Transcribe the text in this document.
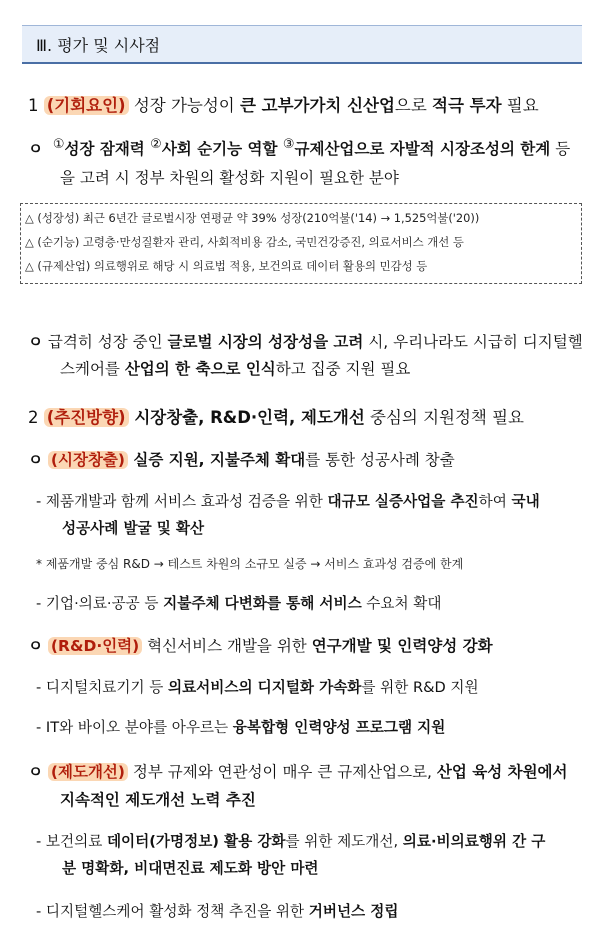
Ⅲ. 평가 및 시사점
1 (기회요인) 성장 가능성이 큰 고부가가치 신산업으로 적극 투자 필요
ㅇ ①성장 잠재력 ②사회 순기능 역할 ③규제산업으로 자발적 시장조성의 한계 등
을 고려 시 정부 차원의 활성화 지원이 필요한 분야
△ (성장성) 최근 6년간 글로벌시장 연평균 약 39% 성장(210억불('14) → 1,525억불('20))
△ (순기능) 고령층·만성질환자 관리, 사회적비용 감소, 국민건강증진, 의료서비스 개선 등
△ (규제산업) 의료행위로 해당 시 의료법 적용, 보건의료 데이터 활용의 민감성 등
ㅇ 급격히 성장 중인 글로벌 시장의 성장성을 고려 시, 우리나라도 시급히 디지털헬
스케어를 산업의 한 축으로 인식하고 집중 지원 필요
2 (추진방향) 시장창출, R&D·인력, 제도개선 중심의 지원정책 필요
ㅇ (시장창출) 실증 지원, 지불주체 확대를 통한 성공사례 창출
- 제품개발과 함께 서비스 효과성 검증을 위한 대규모 실증사업을 추진하여 국내
성공사례 발굴 및 확산
* 제품개발 중심 R&D → 테스트 차원의 소규모 실증 → 서비스 효과성 검증에 한계
- 기업·의료·공공 등 지불주체 다변화를 통해 서비스 수요처 확대
ㅇ (R&D·인력) 혁신서비스 개발을 위한 연구개발 및 인력양성 강화
- 디지털치료기기 등 의료서비스의 디지털화 가속화를 위한 R&D 지원
- IT와 바이오 분야를 아우르는 융복합형 인력양성 프로그램 지원
ㅇ (제도개선) 정부 규제와 연관성이 매우 큰 규제산업으로, 산업 육성 차원에서
지속적인 제도개선 노력 추진
- 보건의료 데이터(가명정보) 활용 강화를 위한 제도개선, 의료·비의료행위 간 구
분 명확화, 비대면진료 제도화 방안 마련
- 디지털헬스케어 활성화 정책 추진을 위한 거버넌스 정립
